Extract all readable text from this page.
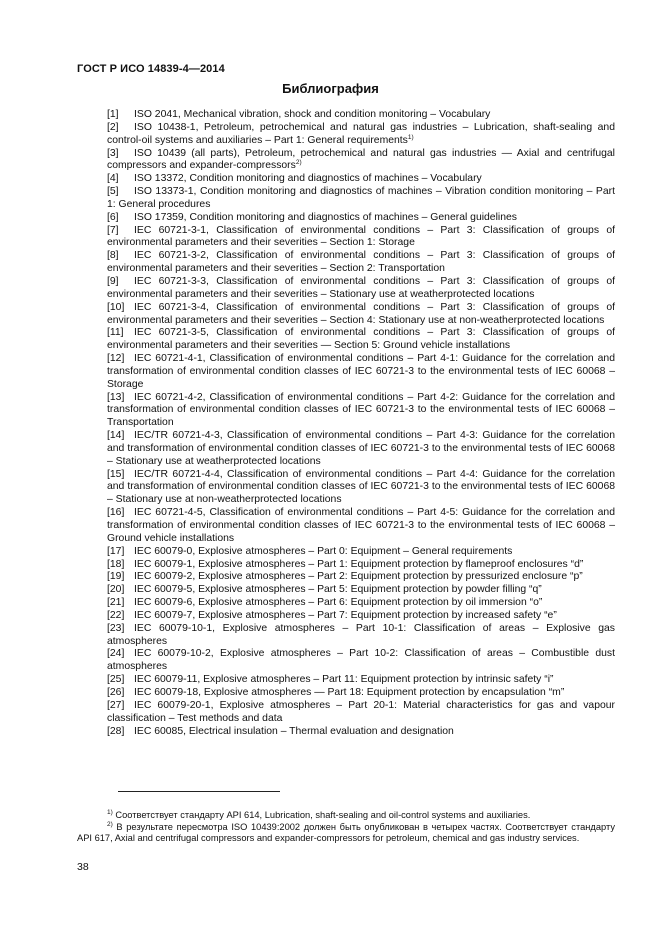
ГОСТ Р ИСО 14839-4—2014
Библиография

[1] ISO 2041, Mechanical vibration, shock and condition monitoring – Vocabulary

[2] ISO 10438-1, Petroleum, petrochemical and natural gas industries – Lubrication, shaft-sealing and control-oil systems and auxiliaries – Part 1: General requirements$^{1)}$

[3] ISO 10439 (all parts), Petroleum, petrochemical and natural gas industries — Axial and centrifugal compressors and expander-compressors$^{2)}$

[4] ISO 13372, Condition monitoring and diagnostics of machines – Vocabulary

[5] ISO 13373-1, Condition monitoring and diagnostics of machines – Vibration condition monitoring – Part 1: General procedures

[6] ISO 17359, Condition monitoring and diagnostics of machines – General guidelines

[7] IEC 60721-3-1, Classification of environmental conditions – Part 3: Classification of groups of environmental parameters and their severities – Section 1: Storage

[8] IEC 60721-3-2, Classification of environmental conditions – Part 3: Classification of groups of environmental parameters and their severities – Section 2: Transportation

[9] IEC 60721-3-3, Classification of environmental conditions – Part 3: Classification of groups of environmental parameters and their severities – Stationary use at weatherprotected locations

[10] IEC 60721-3-4, Classification of environmental conditions – Part 3: Classification of groups of environmental parameters and their severities – Section 4: Stationary use at non-weatherprotected locations

[11] IEC 60721-3-5, Classification of environmental conditions – Part 3: Classification of groups of environmental parameters and their severities — Section 5: Ground vehicle installations

[12] IEC 60721-4-1, Classification of environmental conditions – Part 4-1: Guidance for the correlation and transformation of environmental condition classes of IEC 60721-3 to the environmental tests of IEC 60068 – Storage

[13] IEC 60721-4-2, Classification of environmental conditions – Part 4-2: Guidance for the correlation and transformation of environmental condition classes of IEC 60721-3 to the environmental tests of IEC 60068 – Transportation

[14] IEC/TR 60721-4-3, Classification of environmental conditions – Part 4-3: Guidance for the correlation and transformation of environmental condition classes of IEC 60721-3 to the environmental tests of IEC 60068 – Stationary use at weatherprotected locations

[15] IEC/TR 60721-4-4, Classification of environmental conditions – Part 4-4: Guidance for the correlation and transformation of environmental condition classes of IEC 60721-3 to the environmental tests of IEC 60068 – Stationary use at non-weatherprotected locations

[16] IEC 60721-4-5, Classification of environmental conditions – Part 4-5: Guidance for the correlation and transformation of environmental condition classes of IEC 60721-3 to the environmental tests of IEC 60068 – Ground vehicle installations

[17] IEC 60079-0, Explosive atmospheres – Part 0: Equipment – General requirements

[18] IEC 60079-1, Explosive atmospheres – Part 1: Equipment protection by flameproof enclosures “d”

[19] IEC 60079-2, Explosive atmospheres – Part 2: Equipment protection by pressurized enclosure “p”

[20] IEC 60079-5, Explosive atmospheres – Part 5: Equipment protection by powder filling “q”

[21] IEC 60079-6, Explosive atmospheres – Part 6: Equipment protection by oil immersion “o”

[22] IEC 60079-7, Explosive atmospheres – Part 7: Equipment protection by increased safety “e”

[23] IEC 60079-10-1, Explosive atmospheres – Part 10-1: Classification of areas – Explosive gas atmospheres

[24] IEC 60079-10-2, Explosive atmospheres – Part 10-2: Classification of areas – Combustible dust atmospheres

[25] IEC 60079-11, Explosive atmospheres – Part 11: Equipment protection by intrinsic safety “i”

[26] IEC 60079-18, Explosive atmospheres — Part 18: Equipment protection by encapsulation “m”

[27] IEC 60079-20-1, Explosive atmospheres – Part 20-1: Material characteristics for gas and vapour classification – Test methods and data

[28] IEC 60085, Electrical insulation – Thermal evaluation and designation

$^{1)}$ Соответствует стандарту API 614, Lubrication, shaft-sealing and oil-control systems and auxiliaries.

$^{2)}$ В результате пересмотра ISO 10439:2002 должен быть опубликован в четырех частях. Соответствует стандарту API 617, Axial and centrifugal compressors and expander-compressors for petroleum, chemical and gas industry services.

38
